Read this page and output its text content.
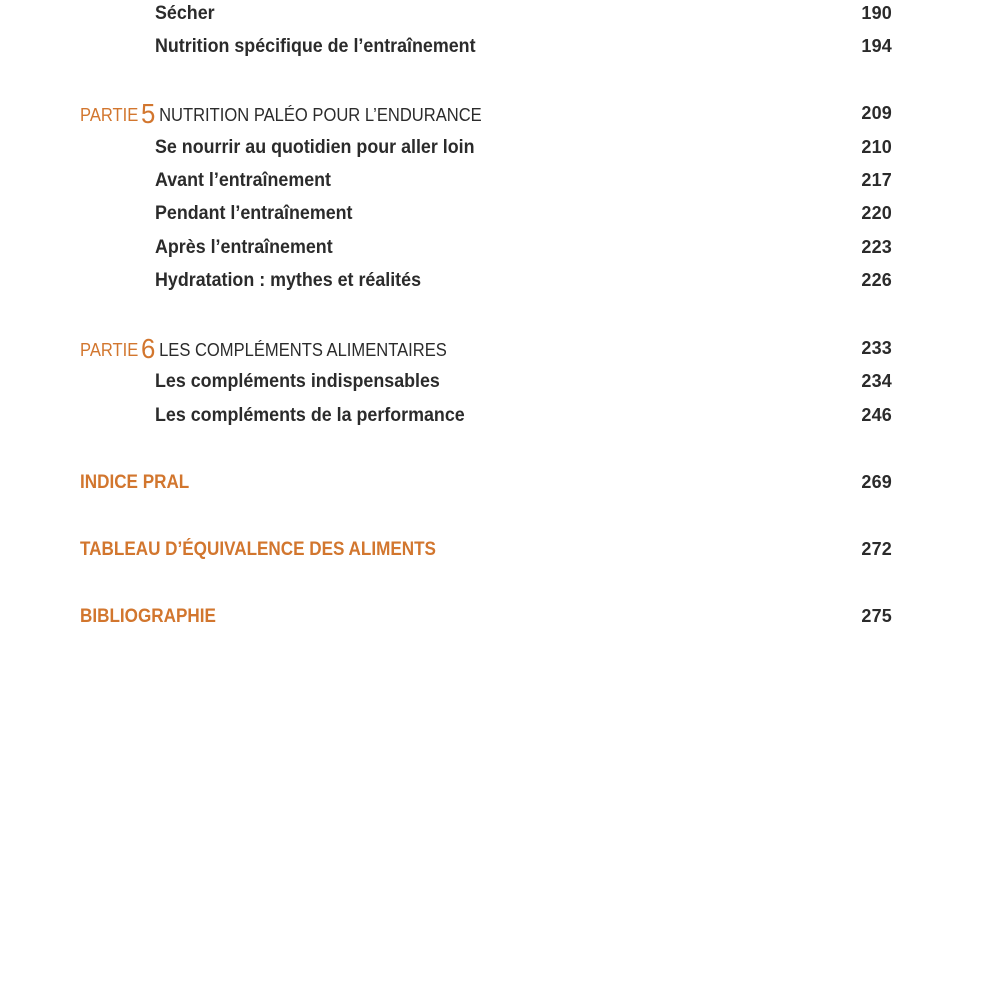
Sécher	190
Nutrition spécifique de l’entraînement	194
PARTIE5 NUTRITION PALÉO POUR L’ENDURANCE	209
Se nourrir au quotidien pour aller loin	210
Avant l’entraînement	217
Pendant l’entraînement	220
Après l’entraînement	223
Hydratation : mythes et réalités	226
PARTIE6 LES COMPLÉMENTS ALIMENTAIRES	233
Les compléments indispensables	234
Les compléments de la performance	246
INDICE PRAL	269
TABLEAU D’ÉQUIVALENCE DES ALIMENTS	272
BIBLIOGRAPHIE	275
